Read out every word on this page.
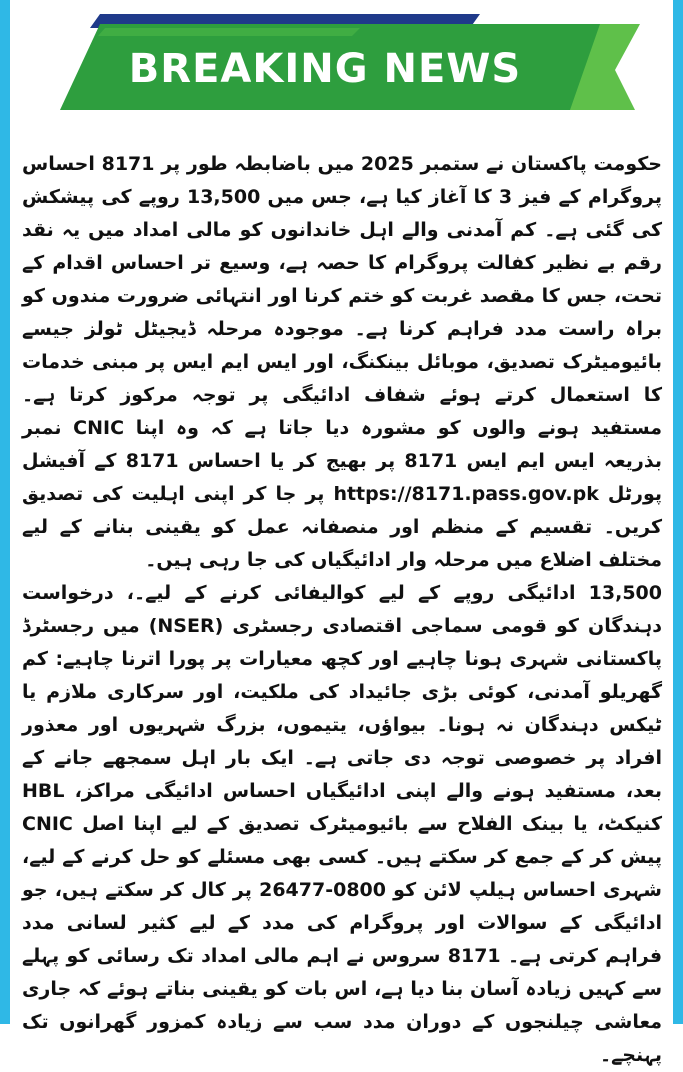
BREAKING NEWS

حکومت پاکستان نے ستمبر 2025 میں باضابطہ طور پر 8171 احساس پروگرام کے فیز 3 کا آغاز کیا ہے، جس میں 13,500 روپے کی پیشکش کی گئی ہے۔ کم آمدنی والے اہل خاندانوں کو مالی امداد میں یہ نقد رقم بے نظیر کفالت پروگرام کا حصہ ہے، وسیع تر احساس اقدام کے تحت، جس کا مقصد غربت کو ختم کرنا اور انتہائی ضرورت مندوں کو براہ راست مدد فراہم کرنا ہے۔ موجودہ مرحلہ ڈیجیٹل ٹولز جیسے بائیومیٹرک تصدیق، موبائل بینکنگ، اور ایس ایم ایس پر مبنی خدمات کا استعمال کرتے ہوئے شفاف ادائیگی پر توجہ مرکوز کرتا ہے۔ مستفید ہونے والوں کو مشورہ دیا جاتا ہے کہ وہ اپنا CNIC نمبر بذریعہ ایس ایم ایس 8171 پر بھیج کر یا احساس 8171 کے آفیشل پورٹل https://8171.pass.gov.pk پر جا کر اپنی اہلیت کی تصدیق کریں۔ تقسیم کے منظم اور منصفانہ عمل کو یقینی بنانے کے لیے مختلف اضلاع میں مرحلہ وار ادائیگیاں کی جا رہی ہیں۔

13,500 ادائیگی روپے کے لیے کوالیفائی کرنے کے لیے۔، درخواست دہندگان کو قومی سماجی اقتصادی رجسٹری (NSER) میں رجسٹرڈ پاکستانی شہری ہونا چاہیے اور کچھ معیارات پر پورا اترنا چاہیے: کم گھریلو آمدنی، کوئی بڑی جائیداد کی ملکیت، اور سرکاری ملازم یا ٹیکس دہندگان نہ ہونا۔ بیواؤں، یتیموں، بزرگ شہریوں اور معذور افراد پر خصوصی توجہ دی جاتی ہے۔ ایک بار اہل سمجھے جانے کے بعد، مستفید ہونے والے اپنی ادائیگیاں احساس ادائیگی مراکز، HBL کنیکٹ، یا بینک الفلاح سے بائیومیٹرک تصدیق کے لیے اپنا اصل CNIC پیش کر کے جمع کر سکتے ہیں۔ کسی بھی مسئلے کو حل کرنے کے لیے، شہری احساس ہیلپ لائن کو 0800-26477 پر کال کر سکتے ہیں، جو ادائیگی کے سوالات اور پروگرام کی مدد کے لیے کثیر لسانی مدد فراہم کرتی ہے۔ 8171 سروس نے اہم مالی امداد تک رسائی کو پہلے سے کہیں زیادہ آسان بنا دیا ہے، اس بات کو یقینی بناتے ہوئے کہ جاری معاشی چیلنجوں کے دوران مدد سب سے زیادہ کمزور گھرانوں تک پہنچے۔
